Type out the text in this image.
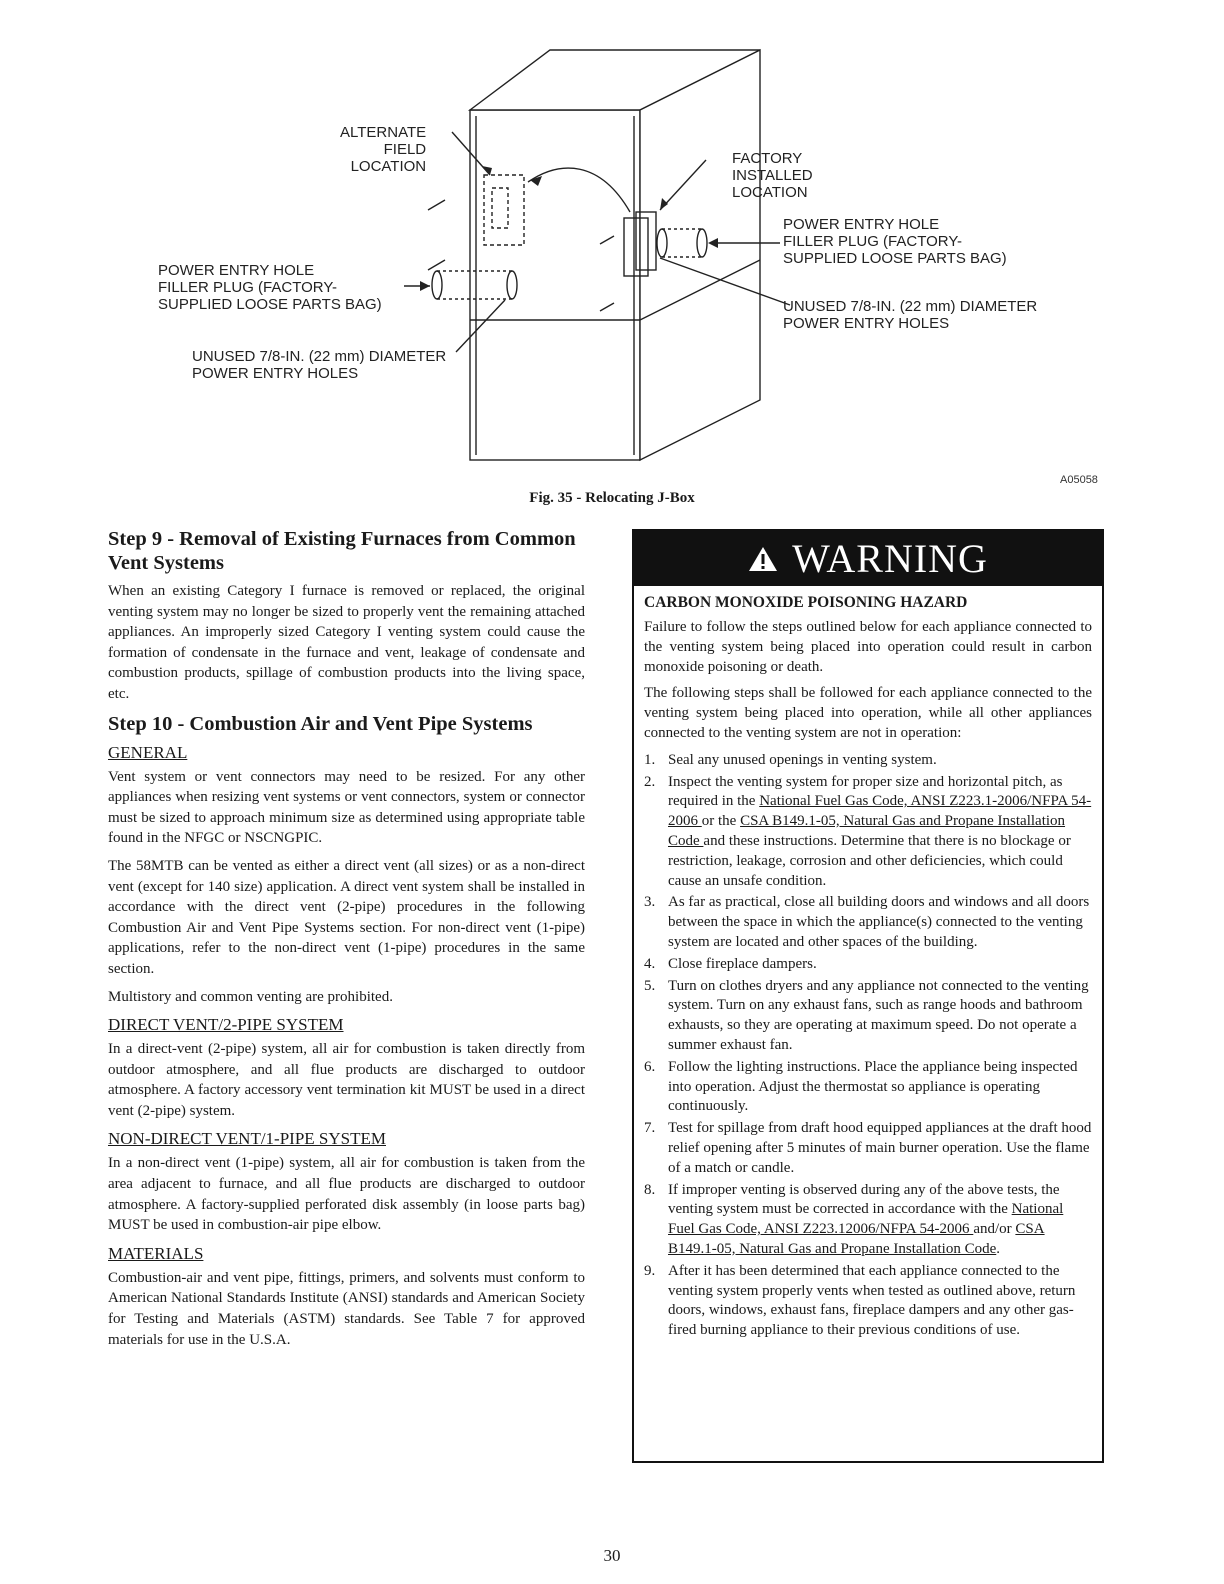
ALTERNATE
FIELD
LOCATION	FACTORY
INSTALLED
LOCATION
POWER ENTRY HOLE
FILLER PLUG (FACTORY-
SUPPLIED LOOSE PARTS BAG)
POWER ENTRY HOLE
FILLER PLUG (FACTORY-
SUPPLIED LOOSE PARTS BAG)
UNUSED 7/8-IN. (22 mm) DIAMETER
POWER ENTRY HOLES
UNUSED 7/8-IN. (22 mm) DIAMETER
POWER ENTRY HOLES
A05058
Fig. 35 - Relocating J-Box
Step 9 - Removal of Existing Furnaces from Common Vent Systems

When an existing Category I furnace is removed or replaced, the original venting system may no longer be sized to properly vent the remaining attached appliances. An improperly sized Category I venting system could cause the formation of condensate in the furnace and vent, leakage of condensate and combustion products, spillage of combustion products into the living space, etc.

Step 10 - Combustion Air and Vent Pipe Systems
GENERAL

Vent system or vent connectors may need to be resized. For any other appliances when resizing vent systems or vent connectors, system or connector must be sized to approach minimum size as determined using appropriate table found in the NFGC or NSCNGPIC.

The 58MTB can be vented as either a direct vent (all sizes) or as a non-direct vent (except for 140 size) application. A direct vent system shall be installed in accordance with the direct vent (2-pipe) procedures in the following Combustion Air and Vent Pipe Systems section. For non-direct vent (1-pipe) applications, refer to the non-direct vent (1-pipe) procedures in the same section.

Multistory and common venting are prohibited.

DIRECT VENT/2-PIPE SYSTEM

In a direct-vent (2-pipe) system, all air for combustion is taken directly from outdoor atmosphere, and all flue products are discharged to outdoor atmosphere. A factory accessory vent termination kit MUST be used in a direct vent (2-pipe) system.

NON-DIRECT VENT/1-PIPE SYSTEM

In a non-direct vent (1-pipe) system, all air for combustion is taken from the area adjacent to furnace, and all flue products are discharged to outdoor atmosphere. A factory-supplied perforated disk assembly (in loose parts bag) MUST be used in combustion-air pipe elbow.

MATERIALS

Combustion-air and vent pipe, fittings, primers, and solvents must conform to American National Standards Institute (ANSI) standards and American Society for Testing and Materials (ASTM) standards. See Table 7 for approved materials for use in the U.S.A.

WARNING
CARBON MONOXIDE POISONING HAZARD

Failure to follow the steps outlined below for each appliance connected to the venting system being placed into operation could result in carbon monoxide poisoning or death.

The following steps shall be followed for each appliance connected to the venting system being placed into operation, while all other appliances connected to the venting system are not in operation:

1. Seal any unused openings in venting system.
2. Inspect the venting system for proper size and horizontal pitch, as required in the National Fuel Gas Code, ANSI Z223.1-2006/NFPA 54-2006 or the CSA B149.1-05, Natural Gas and Propane Installation Code and these instructions. Determine that there is no blockage or restriction, leakage, corrosion and other deficiencies, which could cause an unsafe condition.
3. As far as practical, close all building doors and windows and all doors between the space in which the appliance(s) connected to the venting system are located and other spaces of the building.
4. Close fireplace dampers.
5. Turn on clothes dryers and any appliance not connected to the venting system. Turn on any exhaust fans, such as range hoods and bathroom exhausts, so they are operating at maximum speed. Do not operate a summer exhaust fan.
6. Follow the lighting instructions. Place the appliance being inspected into operation. Adjust the thermostat so appliance is operating continuously.
7. Test for spillage from draft hood equipped appliances at the draft hood relief opening after 5 minutes of main burner operation. Use the flame of a match or candle.
8. If improper venting is observed during any of the above tests, the venting system must be corrected in accordance with the National Fuel Gas Code, ANSI Z223.12006/NFPA 54-2006 and/or CSA B149.1-05, Natural Gas and Propane Installation Code.
9. After it has been determined that each appliance connected to the venting system properly vents when tested as outlined above, return doors, windows, exhaust fans, fireplace dampers and any other gas-fired burning appliance to their previous conditions of use.
30
